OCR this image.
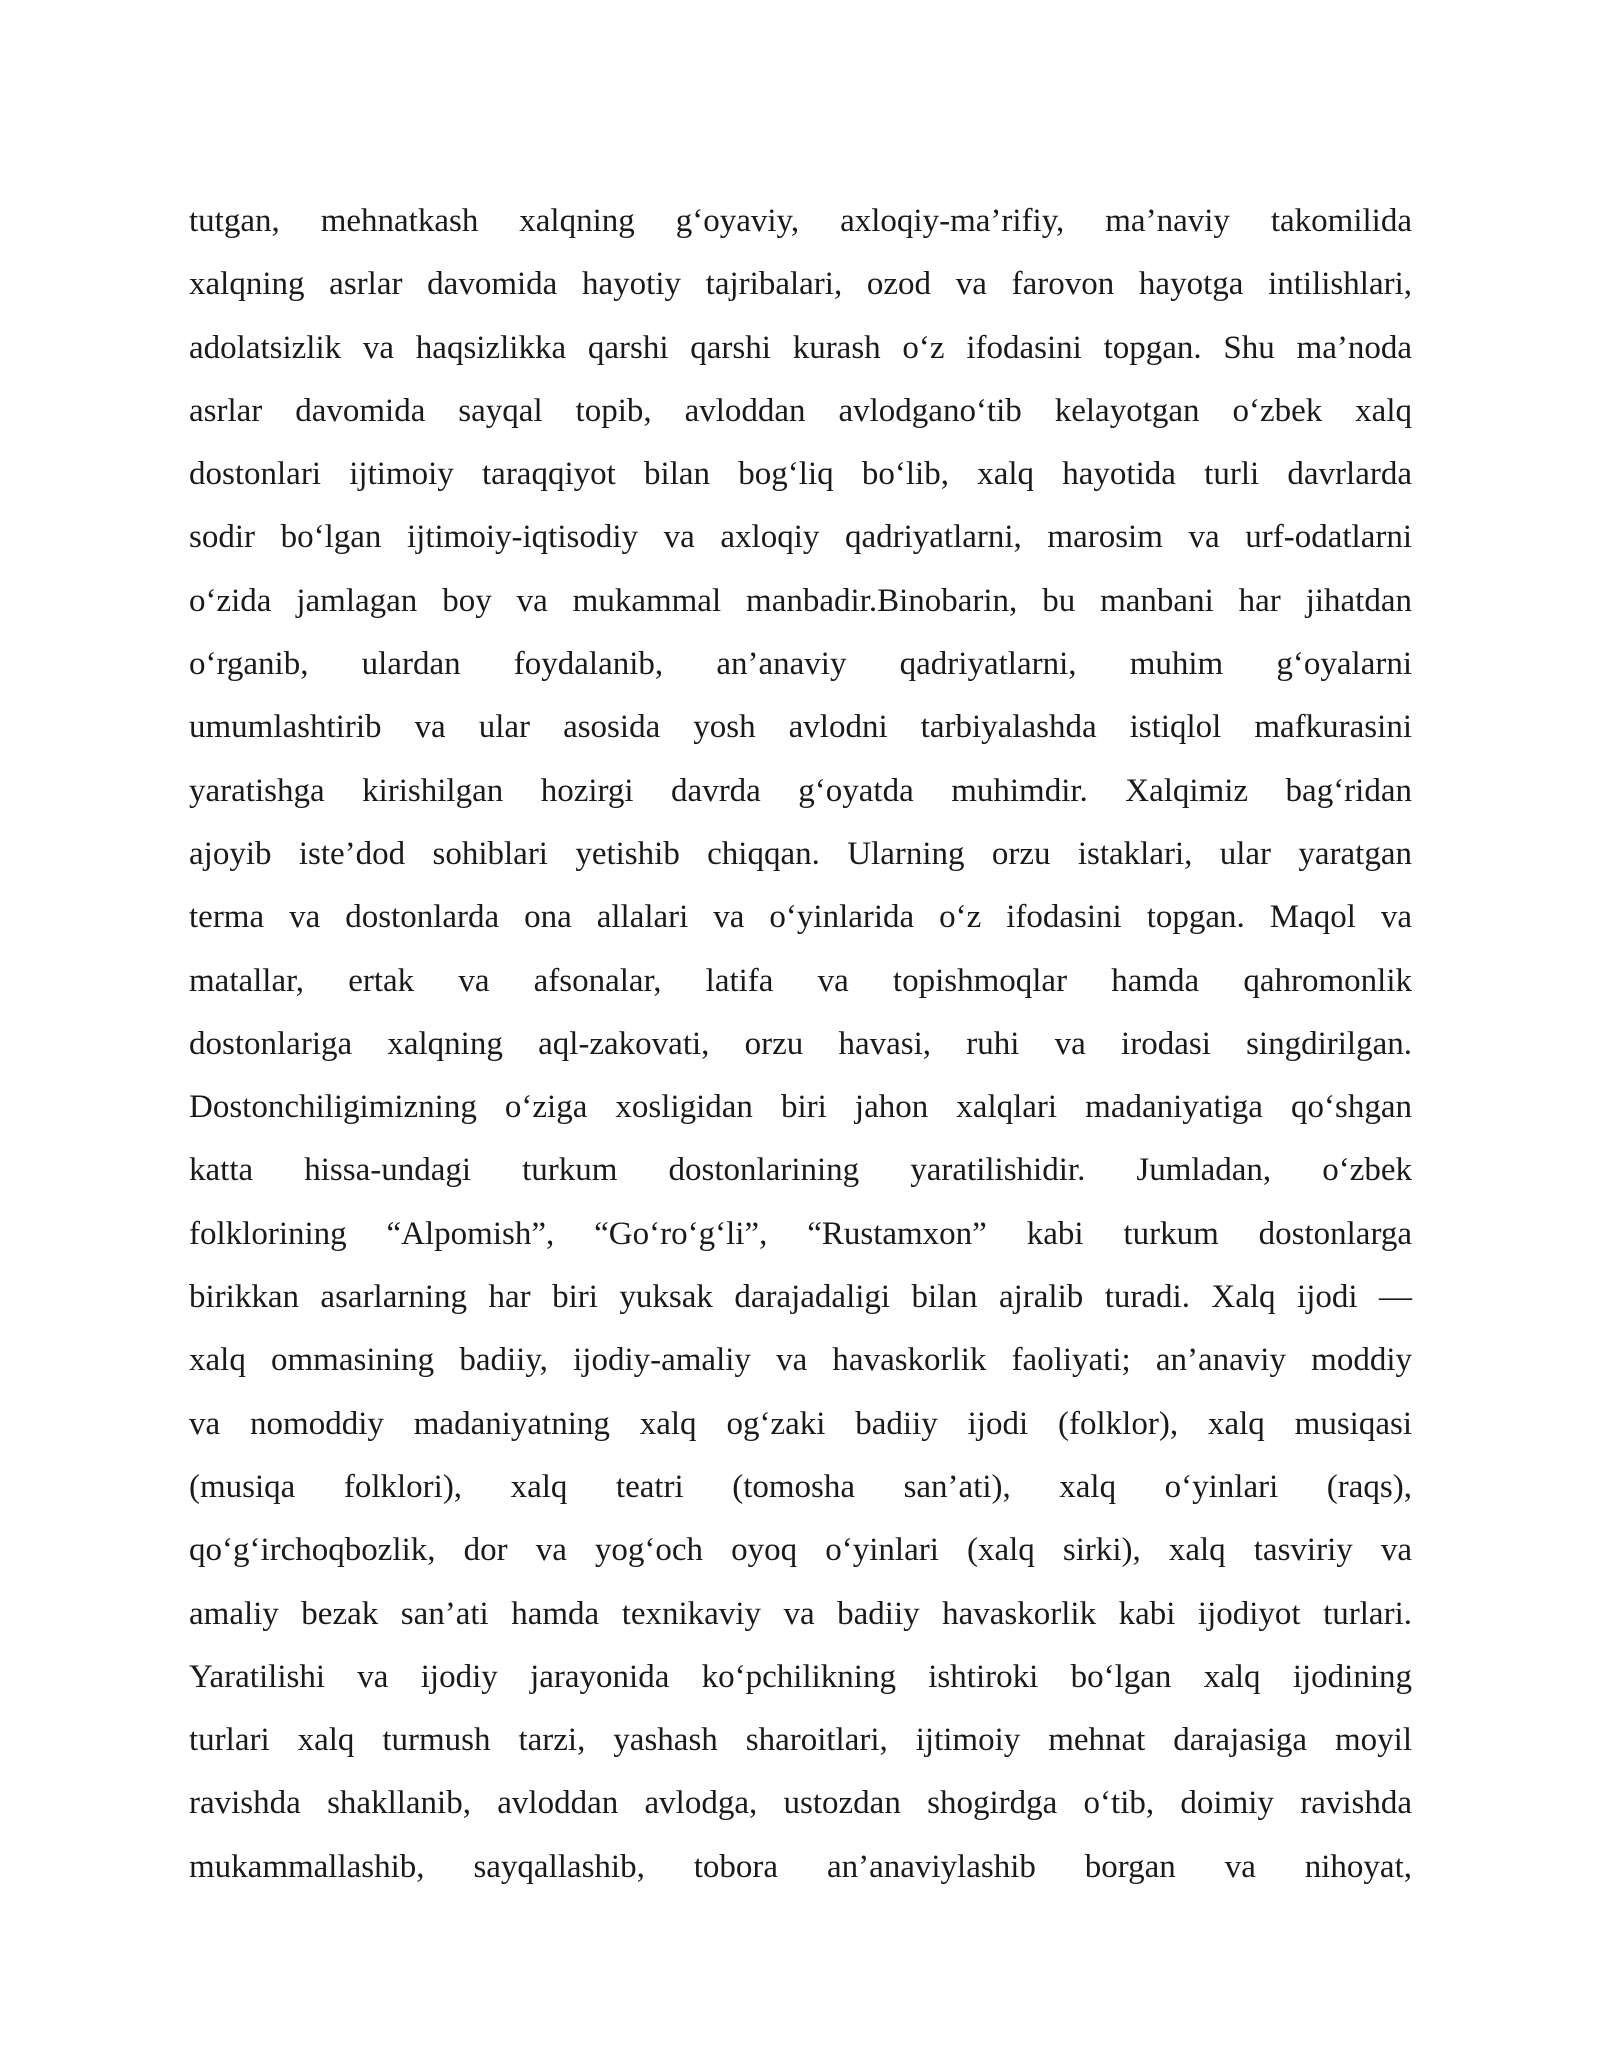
tutgan, mehnatkash xalqning g‘oyaviy, axloqiy-ma’rifiy, ma’naviy takomilida
xalqning asrlar davomida hayotiy tajribalari, ozod va farovon hayotga intilishlari,
adolatsizlik va haqsizlikka qarshi qarshi kurash o‘z ifodasini topgan. Shu ma’noda
asrlar davomida sayqal topib, avloddan avlodgano‘tib kelayotgan o‘zbek xalq
dostonlari ijtimoiy taraqqiyot bilan bog‘liq bo‘lib, xalq hayotida turli davrlarda
sodir bo‘lgan ijtimoiy-iqtisodiy va axloqiy qadriyatlarni, marosim va urf-odatlarni
o‘zida jamlagan boy va mukammal manbadir.Binobarin, bu manbani har jihatdan
o‘rganib, ulardan foydalanib, an’anaviy qadriyatlarni, muhim g‘oyalarni
umumlashtirib va ular asosida yosh avlodni tarbiyalashda istiqlol mafkurasini
yaratishga kirishilgan hozirgi davrda g‘oyatda muhimdir. Xalqimiz bag‘ridan
ajoyib iste’dod sohiblari yetishib chiqqan. Ularning orzu istaklari, ular yaratgan
terma va dostonlarda ona allalari va o‘yinlarida o‘z ifodasini topgan. Maqol va
matallar, ertak va afsonalar, latifa va topishmoqlar hamda qahromonlik
dostonlariga xalqning aql-zakovati, orzu havasi, ruhi va irodasi singdirilgan.
Dostonchiligimizning o‘ziga xosligidan biri jahon xalqlari madaniyatiga qo‘shgan
katta hissa-undagi turkum dostonlarining yaratilishidir. Jumladan, o‘zbek
folklorining “Alpomish”, “Go‘ro‘g‘li”, “Rustamxon” kabi turkum dostonlarga
birikkan asarlarning har biri yuksak darajadaligi bilan ajralib turadi. Xalq ijodi —
xalq ommasining badiiy, ijodiy-amaliy va havaskorlik faoliyati; an’anaviy moddiy
va nomoddiy madaniyatning xalq og‘zaki badiiy ijodi (folklor), xalq musiqasi
(musiqa folklori), xalq teatri (tomosha san’ati), xalq o‘yinlari (raqs),
qo‘g‘irchoqbozlik, dor va yog‘och oyoq o‘yinlari (xalq sirki), xalq tasviriy va
amaliy bezak san’ati hamda texnikaviy va badiiy havaskorlik kabi ijodiyot turlari.
Yaratilishi va ijodiy jarayonida ko‘pchilikning ishtiroki bo‘lgan xalq ijodining
turlari xalq turmush tarzi, yashash sharoitlari, ijtimoiy mehnat darajasiga moyil
ravishda shakllanib, avloddan avlodga, ustozdan shogirdga o‘tib, doimiy ravishda
mukammallashib, sayqallashib, tobora an’anaviylashib borgan va nihoyat,
